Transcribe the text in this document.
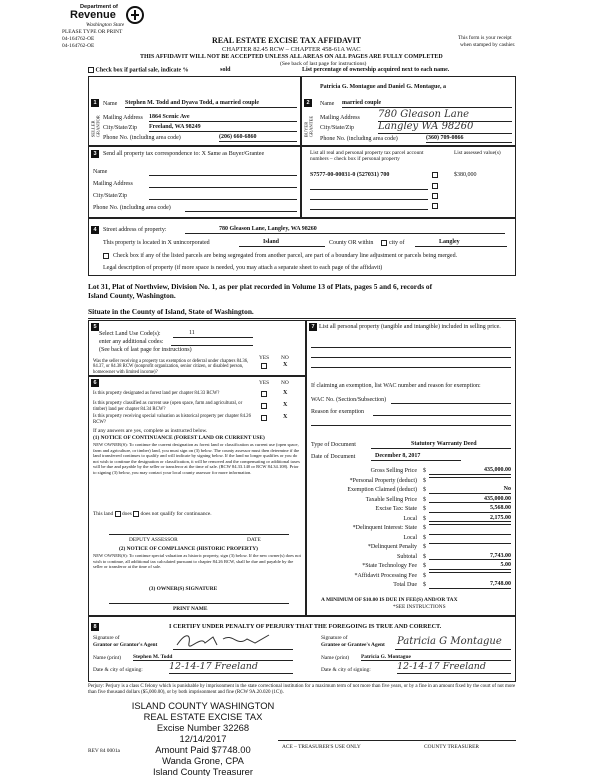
Department of
Revenue
Washington State
PLEASE TYPE OR PRINT
04-164762-OE
04-164762-OE
REAL ESTATE EXCISE TAX AFFIDAVIT
CHAPTER 82.45 RCW – CHAPTER 458-61A WAC
THIS AFFIDAVIT WILL NOT BE ACCEPTED UNLESS ALL AREAS ON ALL PAGES ARE FULLY COMPLETED
(See back of last page for instructions)
This form is your receipt
when stamped by cashier.
Check box if partial sale, indicate %	sold	List percentage of ownership acquired next to each name.
1
SELLER GRANTOR
Name Stephen M. Todd and Dyava Todd, a married couple
Mailing Address 1864 Scenic Ave
City/State/Zip Freeland, WA 98249
Phone No. (including area code)	(206) 660-6860
2
BUYER GRANTEE
Patricia G. Montague and Daniel G. Montague, a
Name married couple
Mailing Address 780 Gleason Lane
City/State/Zip Langley WA 98260
Phone No. (including area code)	(360) 709-0866
3	Send all property tax correspondence to: X Same as Buyer/Grantee
Name
Mailing Address
City/State/Zip
Phone No. (including area code)
List all real and personal property tax parcel account numbers – check box if personal property
List assessed value(s)
S7577-00-00031-0 (527031) 700	$380,000
4	Street address of property:	780 Gleason Lane, Langley, WA 98260
This property is located in X unincorporated	Island	County OR within	city of	Langley
Check box if any of the listed parcels are being segregated from another parcel, are part of a boundary line adjustment or parcels being merged.
Legal description of property (if more space is needed, you may attach a separate sheet to each page of the affidavit)
Lot 31, Plat of Northview, Division No. 1, as per plat recorded in Volume 13 of Plats, pages 5 and 6, records of
Island County, Washington.
Situate in the County of Island, State of Washington.
5
Select Land Use Code(s):	11
enter any additional codes:
(See back of last page for instructions)
YES NO
Was the seller receiving a property tax exemption or deferral under chapters 84.36, 84.37, or 84.38 RCW (nonprofit organization, senior citizen, or disabled person, homeowner with limited income)?
X
6	YES NO
Is this property designated as forest land per chapter 84.33 RCW?	X
Is this property classified as current use (open space, farm and agricultural, or timber) land per chapter 84.34 RCW?
X
Is this property receiving special valuation as historical property per chapter 84.26 RCW?
X
If any answers are yes, complete as instructed below.
(1) NOTICE OF CONTINUANCE (FOREST LAND OR CURRENT USE)
NEW OWNER(S): To continue the current designation as forest land or classification as current use (open space, farm and agriculture, or timber) land, you must sign on (3) below. The county assessor must then determine if the land transferred continues to qualify and will indicate by signing below. If the land no longer qualifies or you do not wish to continue the designation or classification, it will be removed and the compensating or additional taxes will be due and payable by the seller or transferor at the time of sale. (RCW 84.33.140 or RCW 84.34.108). Prior to signing (3) below, you may contact your local county assessor for more information.
This land does does not qualify for continuance.
DEPUTY ASSESSOR	DATE
(2) NOTICE OF COMPLIANCE (HISTORIC PROPERTY)
NEW OWNER(S): To continue special valuation as historic property, sign (3) below. If the new owner(s) does not wish to continue, all additional tax calculated pursuant to chapter 84.26 RCW, shall be due and payable by the seller or transferor at the time of sale.
(3) OWNER(S) SIGNATURE
PRINT NAME
7 List all personal property (tangible and intangible) included in selling price.
If claiming an exemption, list WAC number and reason for exemption:
WAC No. (Section/Subsection)
Reason for exemption
Type of Document	Statutory Warranty Deed
Date of Document	December 8, 2017
Gross Selling Price $	435,000.00
*Personal Property (deduct) $
Exemption Claimed (deduct) $	No
Taxable Selling Price $	435,000.00
Excise Tax: State $	5,568.00
Local $	2,175.00
*Delinquent Interest: State $
Local $
*Delinquent Penalty $
Subtotal $	7,743.00
*State Technology Fee $	5.00
*Affidavit Processing Fee $
Total Due $	7,748.00
A MINIMUM OF $10.00 IS DUE IN FEE(S) AND/OR TAX
*SEE INSTRUCTIONS
8	I CERTIFY UNDER PENALTY OF PERJURY THAT THE FOREGOING IS TRUE AND CORRECT.
Signature of
Grantor or Grantor's Agent
Signature of
Grantee or Grantee's Agent Patricia G Montague
Name (print) Stephen M. Todd	Name (print) Patricia G. Montague
Date & city of signing:	12-14-17 Freeland	Date & city of signing:	12-14-17 Freeland
Perjury: Perjury is a class C felony which is punishable by imprisonment in the state correctional institution for a maximum term of not more than five years, or by a fine in an amount fixed by the court of not more than five thousand dollars ($5,000.00), or by both imprisonment and fine (RCW 9A.20.020 (1C)).
ISLAND COUNTY WASHINGTON
REAL ESTATE EXCISE TAX
Excise Number 32268
12/14/2017
Amount Paid $7748.00
Wanda Grone, CPA
Island County Treasurer
REV 84 0001a
ACE – TREASURER'S USE ONLY	COUNTY TREASURER
